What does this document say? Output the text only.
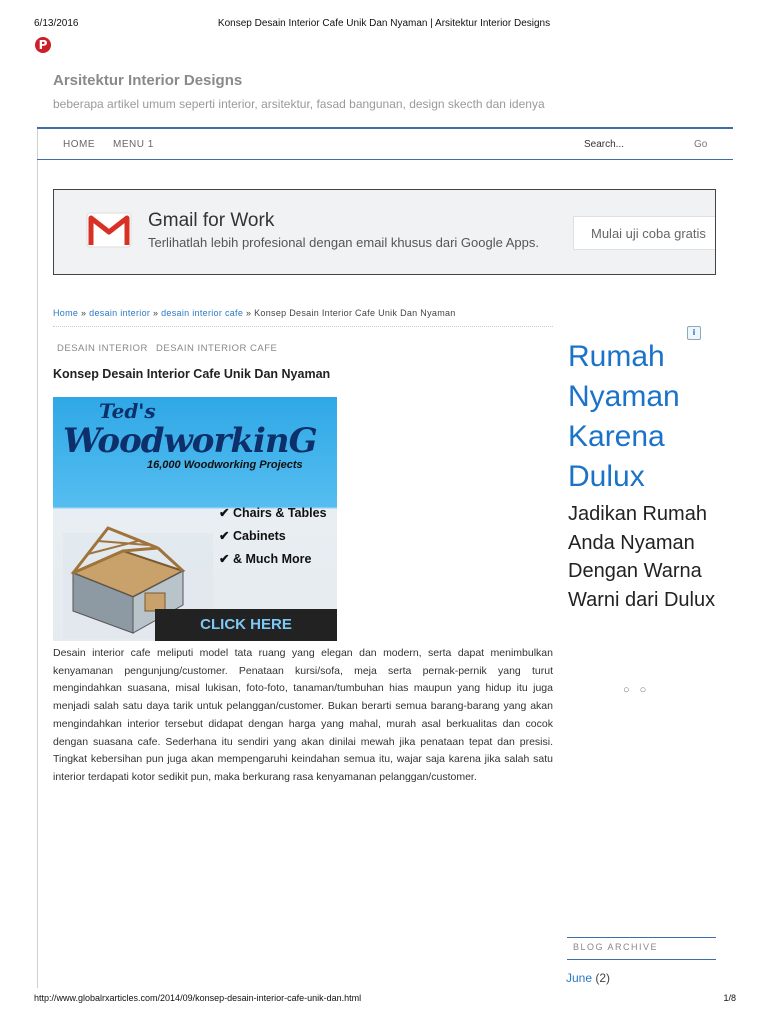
6/13/2016	Konsep Desain Interior Cafe Unik Dan Nyaman | Arsitektur Interior Designs
http://www.globalrxarticles.com/2014/09/konsep-desain-interior-cafe-unik-dan.html	1/8
P
Arsitektur Interior Designs
beberapa artikel umum seperti interior, arsitektur, fasad bangunan, design skecth dan idenya
HOME MENU 1
Search...	Go
Gmail for Work
Terlihatlah lebih profesional dengan email khusus dari Google Apps.
Mulai uji coba gratis
Home » desain interior » desain interior cafe » Konsep Desain Interior Cafe Unik Dan Nyaman
DESAIN INTERIOR DESAIN INTERIOR CAFE
Konsep Desain Interior Cafe Unik Dan Nyaman
Ted's
WoodworkinG
16,000 Woodworking Projects
✔ Chairs & Tables
✔ Cabinets
✔ & Much More
CLICK HERE
Desain interior cafe meliputi model tata ruang yang elegan dan modern, serta dapat menimbulkan kenyamanan pengunjung/customer. Penataan kursi/sofa, meja serta pernak-pernik yang turut mengindahkan suasana, misal lukisan, foto-foto, tanaman/tumbuhan hias maupun yang hidup itu juga menjadi salah satu daya tarik untuk pelanggan/customer. Bukan berarti semua barang-barang yang akan mengindahkan interior tersebut didapat dengan harga yang mahal, murah asal berkualitas dan cocok dengan suasana cafe. Sederhana itu sendiri yang akan dinilai mewah jika penataan tepat dan presisi. Tingkat kebersihan pun juga akan mempengaruhi keindahan semua itu, wajar saja karena jika salah satu interior terdapati kotor sedikit pun, maka berkurang rasa kenyamanan pelanggan/customer.
i
Rumah Nyaman Karena Dulux
Jadikan Rumah Anda Nyaman Dengan Warna Warni dari Dulux
○○
BLOG ARCHIVE
June (2)
